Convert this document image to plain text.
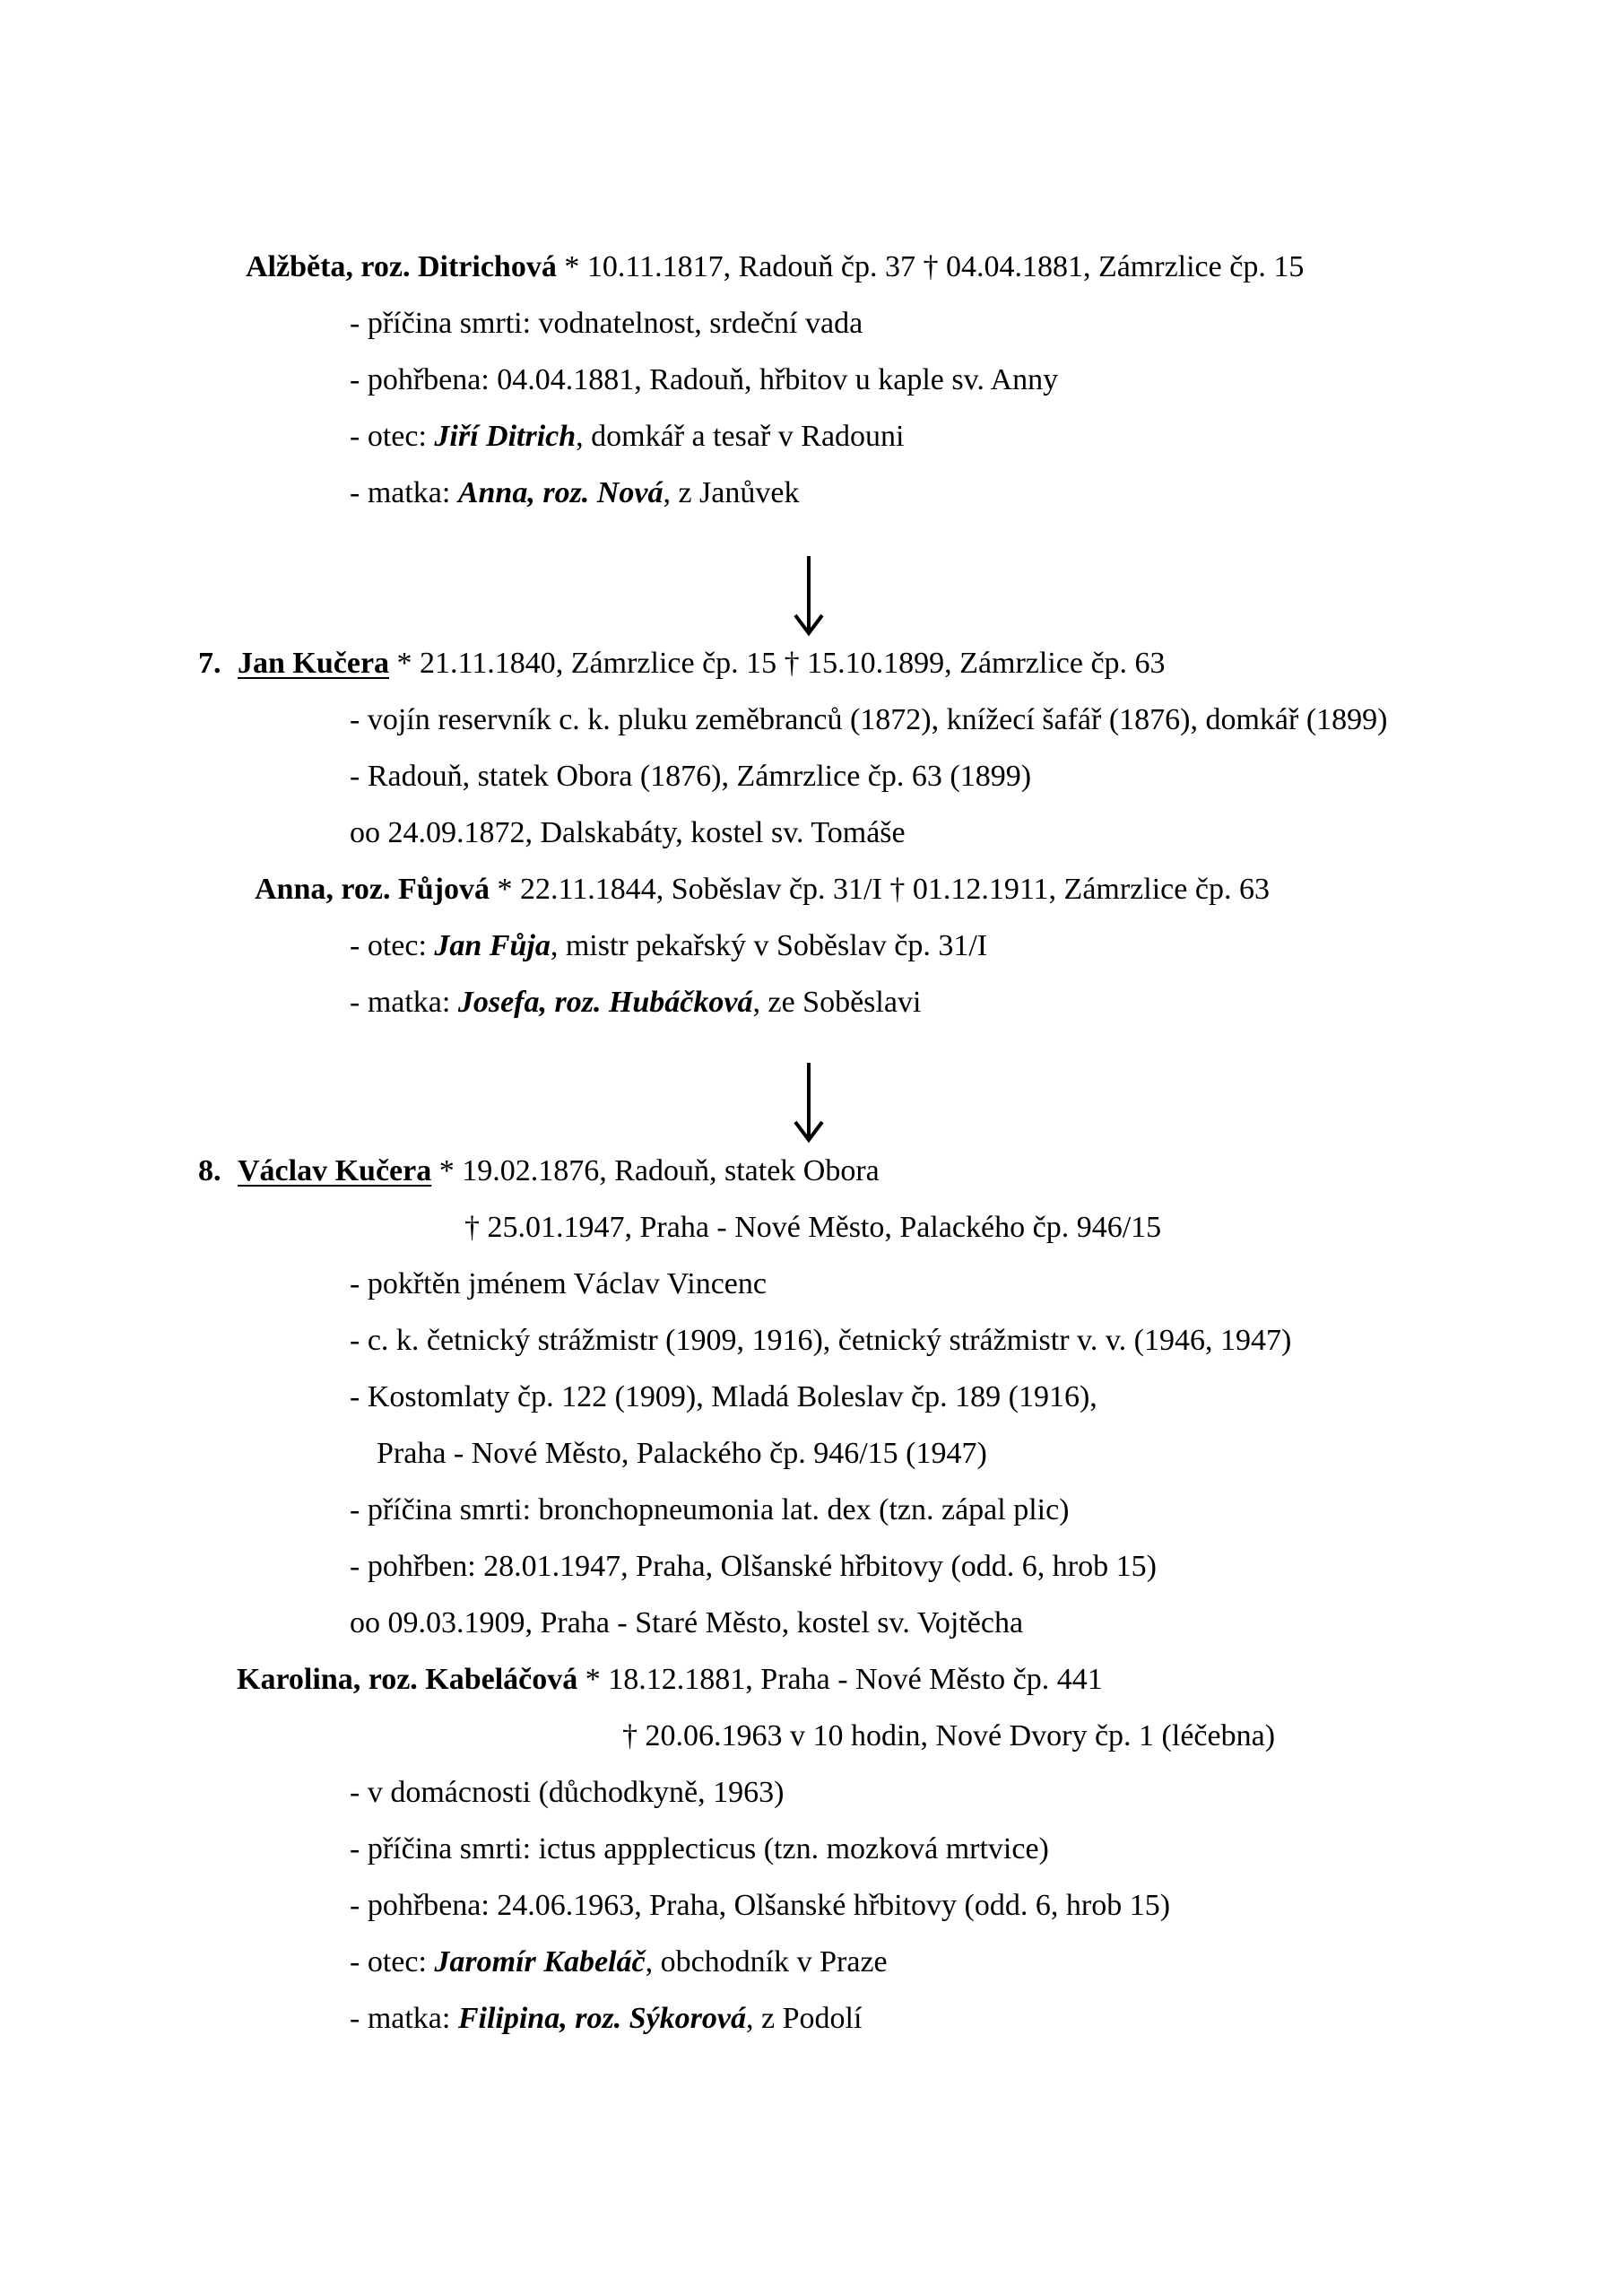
Alžběta, roz. Ditrichová * 10.11.1817, Radouň čp. 37 † 04.04.1881, Zámrzlice čp. 15
- příčina smrti: vodnatelnost, srdeční vada
- pohřbena: 04.04.1881, Radouň, hřbitov u kaple sv. Anny
- otec: Jiří Ditrich, domkář a tesař v Radouni
- matka: Anna, roz. Nová, z Janůvek
7. Jan Kučera * 21.11.1840, Zámrzlice čp. 15 † 15.10.1899, Zámrzlice čp. 63
- vojín reservník c. k. pluku zeměbranců (1872), knížecí šafář (1876), domkář (1899)
- Radouň, statek Obora (1876), Zámrzlice čp. 63 (1899)
oo 24.09.1872, Dalskabáty, kostel sv. Tomáše
Anna, roz. Fůjová * 22.11.1844, Soběslav čp. 31/I † 01.12.1911, Zámrzlice čp. 63
- otec: Jan Fůja, mistr pekařský v Soběslav čp. 31/I
- matka: Josefa, roz. Hubáčková, ze Soběslavi
8. Václav Kučera * 19.02.1876, Radouň, statek Obora
† 25.01.1947, Praha - Nové Město, Palackého čp. 946/15
- pokřtěn jménem Václav Vincenc
- c. k. četnický strážmistr (1909, 1916), četnický strážmistr v. v. (1946, 1947)
- Kostomlaty čp. 122 (1909), Mladá Boleslav čp. 189 (1916),
Praha - Nové Město, Palackého čp. 946/15 (1947)
- příčina smrti: bronchopneumonia lat. dex (tzn. zápal plic)
- pohřben: 28.01.1947, Praha, Olšanské hřbitovy (odd. 6, hrob 15)
oo 09.03.1909, Praha - Staré Město, kostel sv. Vojtěcha
Karolina, roz. Kabeláčová * 18.12.1881, Praha - Nové Město čp. 441
† 20.06.1963 v 10 hodin, Nové Dvory čp. 1 (léčebna)
- v domácnosti (důchodkyně, 1963)
- příčina smrti: ictus appplecticus (tzn. mozková mrtvice)
- pohřbena: 24.06.1963, Praha, Olšanské hřbitovy (odd. 6, hrob 15)
- otec: Jaromír Kabeláč, obchodník v Praze
- matka: Filipina, roz. Sýkorová, z Podolí
